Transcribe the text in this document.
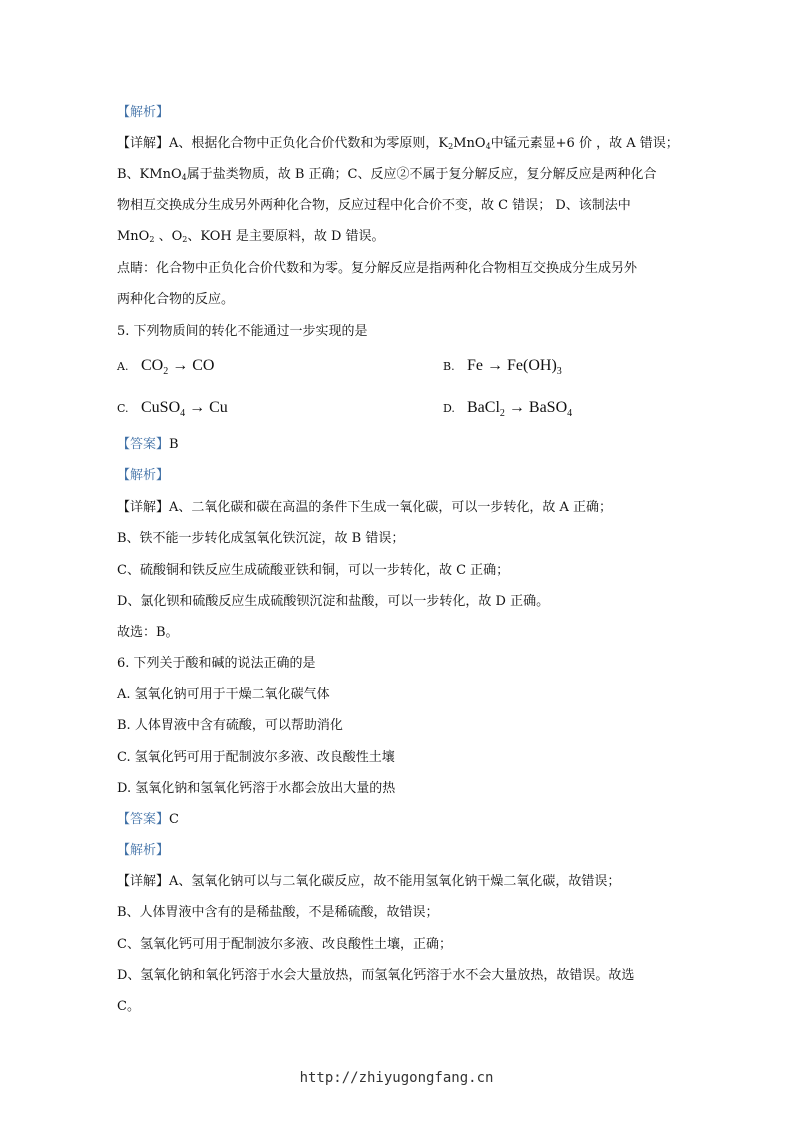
【解析】
【详解】A、根据化合物中正负化合价代数和为零原则，$K_2MnO_4$中锰元素显+6 价 ，故 A 错误；
B、KMnO$_4$属于盐类物质，故 B 正确；C、反应②不属于复分解反应，复分解反应是两种化合
物相互交换成分生成另外两种化合物，反应过程中化合价不变，故 C 错误； D、该制法中
MnO$_2$ 、$O_2$、KOH 是主要原料，故 D 错误。
点睛：化合物中正负化合价代数和为零。复分解反应是指两种化合物相互交换成分生成另外
两种化合物的反应。
5. 下列物质间的转化不能通过一步实现的是
A. $CO_2$ → CO	B. $Fe \to Fe(OH)_3$
C. CuSO$_4$ → Cu	D. BaCl$_2$ → BaSO$_4$
【答案】B
【解析】
【详解】A、二氧化碳和碳在高温的条件下生成一氧化碳，可以一步转化，故 A 正确；
B、铁不能一步转化成氢氧化铁沉淀，故 B 错误；
C、硫酸铜和铁反应生成硫酸亚铁和铜，可以一步转化，故 C 正确；
D、氯化钡和硫酸反应生成硫酸钡沉淀和盐酸，可以一步转化，故 D 正确。
故选：B。
6. 下列关于酸和碱的说法正确的是
A. 氢氧化钠可用于干燥二氧化碳气体
B. 人体胃液中含有硫酸，可以帮助消化
C. 氢氧化钙可用于配制波尔多液、改良酸性土壤
D. 氢氧化钠和氢氧化钙溶于水都会放出大量的热
【答案】C
【解析】
【详解】A、氢氧化钠可以与二氧化碳反应，故不能用氢氧化钠干燥二氧化碳，故错误；
B、人体胃液中含有的是稀盐酸，不是稀硫酸，故错误；
C、氢氧化钙可用于配制波尔多液、改良酸性土壤，正确；
D、氢氧化钠和氧化钙溶于水会大量放热，而氢氧化钙溶于水不会大量放热，故错误。故选
C。
http://zhiyugongfang.cn
